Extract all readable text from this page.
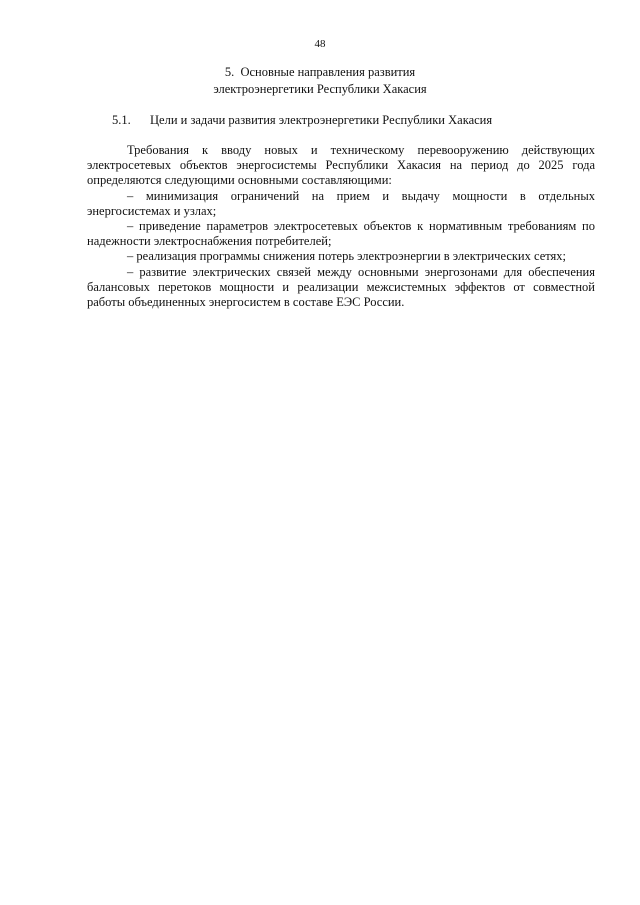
48
5. Основные направления развития
электроэнергетики Республики Хакасия
5.1. Цели и задачи развития электроэнергетики Республики Хакасия

Требования к вводу новых и техническому перевооружению действующих электросетевых объектов энергосистемы Республики Хакасия на период до 2025 года определяются следующими основными составляющими:

– минимизация ограничений на прием и выдачу мощности в отдельных энергосистемах и узлах;
– приведение параметров электросетевых объектов к нормативным требованиям по надежности электроснабжения потребителей;
– реализация программы снижения потерь электроэнергии в электрических сетях;
– развитие электрических связей между основными энергозонами для обеспечения балансовых перетоков мощности и реализации межсистемных эффектов от совместной работы объединенных энергосистем в составе ЕЭС России.
